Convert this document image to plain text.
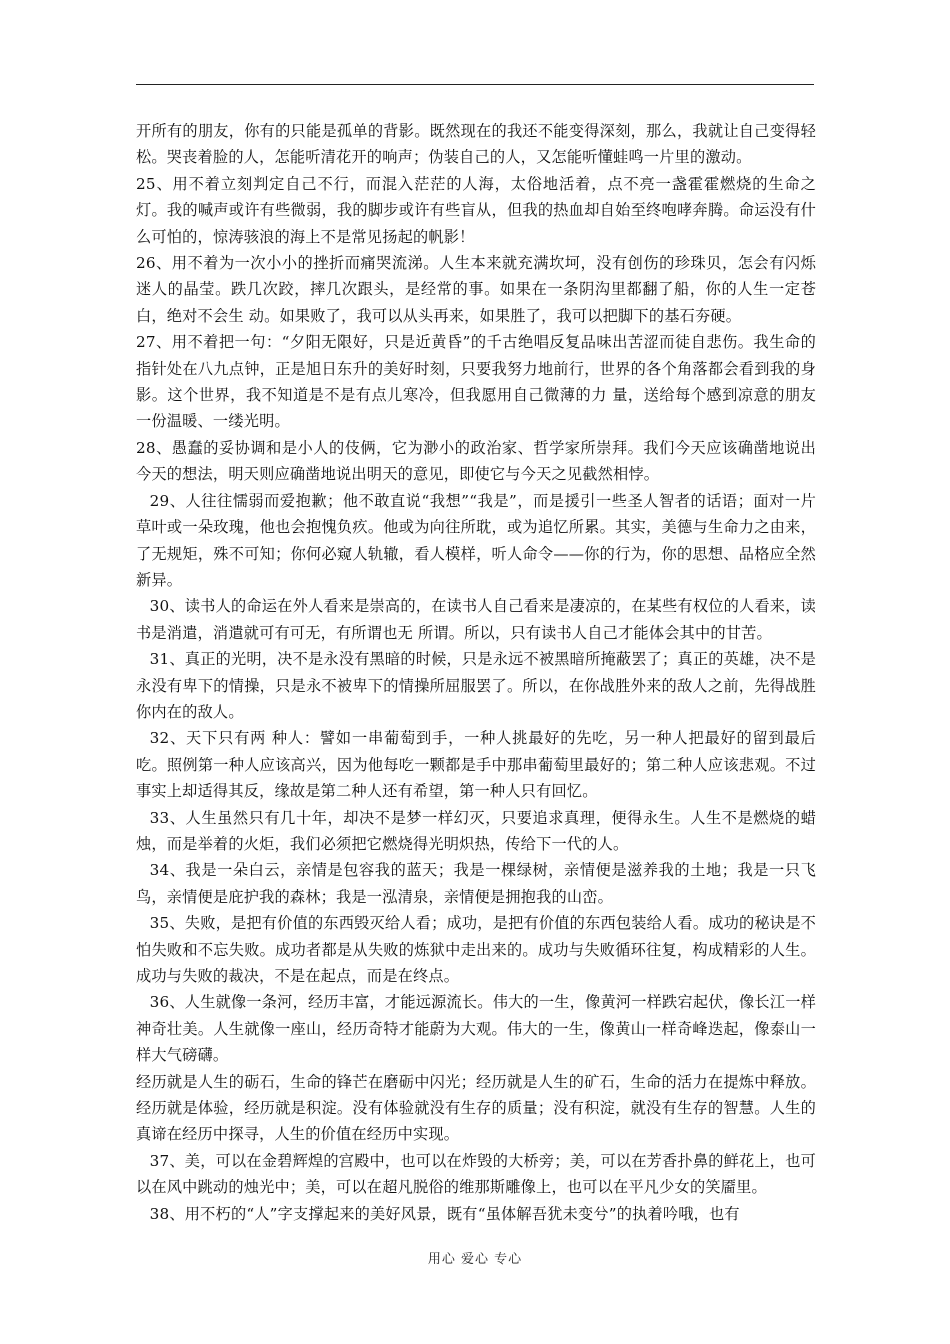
开所有的朋友，你有的只能是孤单的背影。既然现在的我还不能变得深刻，那么，我就让自己变得轻松。哭丧着脸的人，怎能听清花开的响声；伪装自己的人，又怎能听懂蛙鸣一片里的激动。

25、用不着立刻判定自己不行，而混入茫茫的人海，太俗地活着，点不亮一盏霍霍燃烧的生命之灯。我的喊声或许有些微弱，我的脚步或许有些盲从，但我的热血却自始至终咆哮奔腾。命运没有什么可怕的，惊涛骇浪的海上不是常见扬起的帆影！

26、用不着为一次小小的挫折而痛哭流涕。人生本来就充满坎坷，没有创伤的珍珠贝，怎会有闪烁迷人的晶莹。跌几次跤，摔几次跟头，是经常的事。如果在一条阴沟里都翻了船，你的人生一定苍白，绝对不会生 动。如果败了，我可以从头再来，如果胜了，我可以把脚下的基石夯硬。

27、用不着把一句：“夕阳无限好，只是近黄昏”的千古绝唱反复品味出苦涩而徒自悲伤。我生命的指针处在八九点钟，正是旭日东升的美好时刻，只要我努力地前行，世界的各个角落都会看到我的身影。这个世界，我不知道是不是有点儿寒冷，但我愿用自己微薄的力 量，送给每个感到凉意的朋友一份温暖、一缕光明。

28、愚蠢的妥协调和是小人的伎俩，它为渺小的政治家、哲学家所崇拜。我们今天应该确凿地说出今天的想法，明天则应确凿地说出明天的意见，即使它与今天之见截然相悖。

29、人往往懦弱而爱抱歉；他不敢直说“我想”“我是”，而是援引一些圣人智者的话语；面对一片草叶或一朵玫瑰，他也会抱愧负疚。他或为向往所耽，或为追忆所累。其实，美德与生命力之由来，了无规矩，殊不可知；你何必窥人轨辙，看人模样，听人命令——你的行为，你的思想、品格应全然新异。

30、读书人的命运在外人看来是崇高的，在读书人自己看来是凄凉的，在某些有权位的人看来，读书是消遣，消遣就可有可无，有所谓也无 所谓。所以，只有读书人自己才能体会其中的甘苦。

31、真正的光明，决不是永没有黑暗的时候，只是永远不被黑暗所掩蔽罢了；真正的英雄，决不是永没有卑下的情操，只是永不被卑下的情操所屈服罢了。所以，在你战胜外来的敌人之前，先得战胜你内在的敌人。

32、天下只有两 种人：譬如一串葡萄到手，一种人挑最好的先吃，另一种人把最好的留到最后吃。照例第一种人应该高兴，因为他每吃一颗都是手中那串葡萄里最好的；第二种人应该悲观。不过事实上却适得其反，缘故是第二种人还有希望，第一种人只有回忆。

33、人生虽然只有几十年，却决不是梦一样幻灭，只要追求真理，便得永生。人生不是燃烧的蜡烛，而是举着的火炬，我们必须把它燃烧得光明炽热，传给下一代的人。

34、我是一朵白云，亲情是包容我的蓝天；我是一棵绿树，亲情便是滋养我的土地；我是一只飞鸟，亲情便是庇护我的森林；我是一泓清泉，亲情便是拥抱我的山峦。

35、失败，是把有价值的东西毁灭给人看；成功，是把有价值的东西包装给人看。成功的秘诀是不怕失败和不忘失败。成功者都是从失败的炼狱中走出来的。成功与失败循环往复，构成精彩的人生。成功与失败的裁决，不是在起点，而是在终点。

36、人生就像一条河，经历丰富，才能远源流长。伟大的一生，像黄河一样跌宕起伏，像长江一样神奇壮美。人生就像一座山，经历奇特才能蔚为大观。伟大的一生，像黄山一样奇峰迭起，像泰山一样大气磅礴。

经历就是人生的砺石，生命的锋芒在磨砺中闪光；经历就是人生的矿石，生命的活力在提炼中释放。经历就是体验，经历就是积淀。没有体验就没有生存的质量；没有积淀，就没有生存的智慧。人生的真谛在经历中探寻，人生的价值在经历中实现。

37、美，可以在金碧辉煌的宫殿中，也可以在炸毁的大桥旁；美，可以在芳香扑鼻的鲜花上，也可以在风中跳动的烛光中；美，可以在超凡脱俗的维那斯雕像上，也可以在平凡少女的笑靥里。

38、用不朽的“人”字支撑起来的美好风景，既有“虽体解吾犹未变兮”的执着吟哦，也有

用心 爱心 专心
